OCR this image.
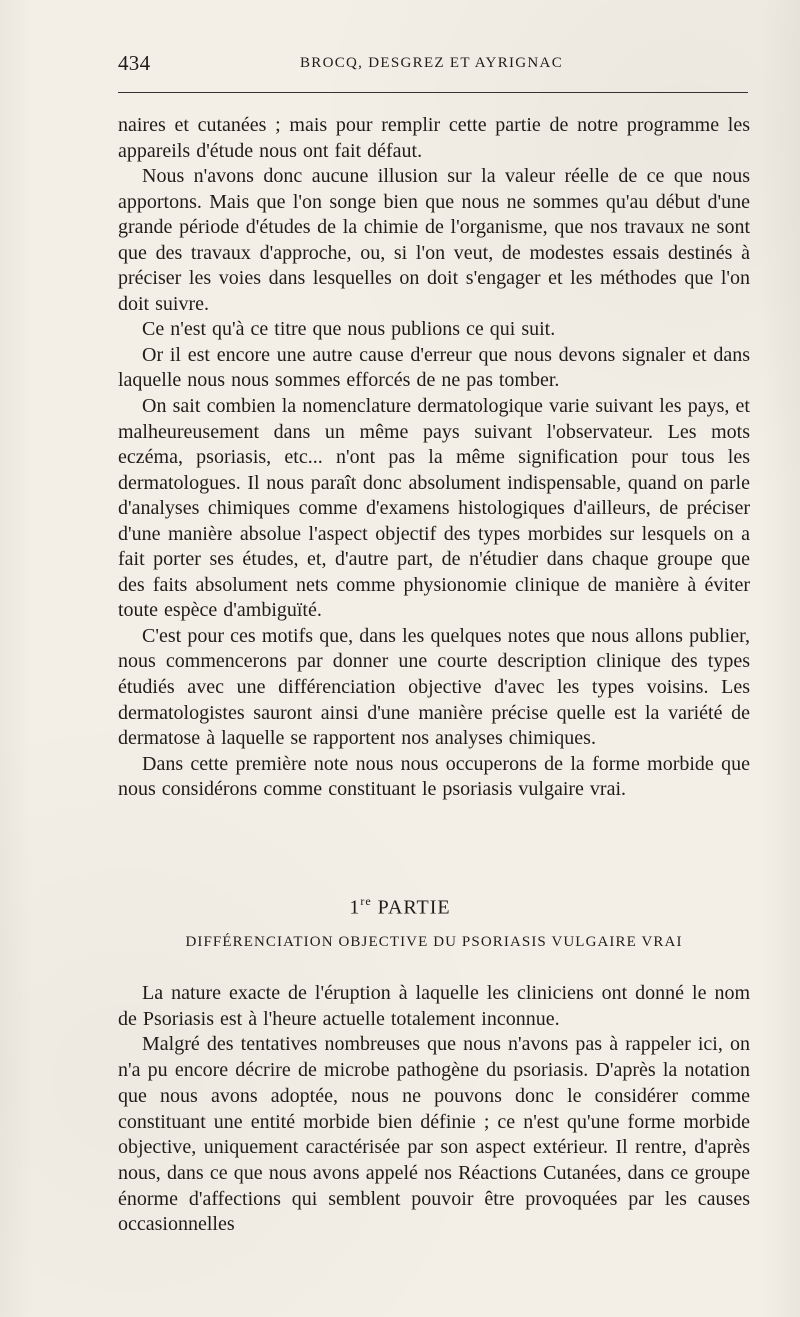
434	BROCQ, DESGREZ ET AYRIGNAC

naires et cutanées ; mais pour remplir cette partie de notre programme les appareils d'étude nous ont fait défaut.

Nous n'avons donc aucune illusion sur la valeur réelle de ce que nous apportons. Mais que l'on songe bien que nous ne sommes qu'au début d'une grande période d'études de la chimie de l'organisme, que nos travaux ne sont que des travaux d'approche, ou, si l'on veut, de modestes essais destinés à préciser les voies dans lesquelles on doit s'engager et les méthodes que l'on doit suivre.

Ce n'est qu'à ce titre que nous publions ce qui suit.

Or il est encore une autre cause d'erreur que nous devons signaler et dans laquelle nous nous sommes efforcés de ne pas tomber.

On sait combien la nomenclature dermatologique varie suivant les pays, et malheureusement dans un même pays suivant l'observateur. Les mots eczéma, psoriasis, etc... n'ont pas la même signification pour tous les dermatologues. Il nous paraît donc absolument indispensable, quand on parle d'analyses chimiques comme d'examens histologiques d'ailleurs, de préciser d'une manière absolue l'aspect objectif des types morbides sur lesquels on a fait porter ses études, et, d'autre part, de n'étudier dans chaque groupe que des faits absolument nets comme physionomie clinique de manière à éviter toute espèce d'ambiguïté.

C'est pour ces motifs que, dans les quelques notes que nous allons publier, nous commencerons par donner une courte description clinique des types étudiés avec une différenciation objective d'avec les types voisins. Les dermatologistes sauront ainsi d'une manière précise quelle est la variété de dermatose à laquelle se rapportent nos analyses chimiques.

Dans cette première note nous nous occuperons de la forme morbide que nous considérons comme constituant le psoriasis vulgaire vrai.

1re PARTIE
DIFFÉRENCIATION OBJECTIVE DU PSORIASIS VULGAIRE VRAI

La nature exacte de l'éruption à laquelle les cliniciens ont donné le nom de Psoriasis est à l'heure actuelle totalement inconnue.

Malgré des tentatives nombreuses que nous n'avons pas à rappeler ici, on n'a pu encore décrire de microbe pathogène du psoriasis. D'après la notation que nous avons adoptée, nous ne pouvons donc le considérer comme constituant une entité morbide bien définie ; ce n'est qu'une forme morbide objective, uniquement caractérisée par son aspect extérieur. Il rentre, d'après nous, dans ce que nous avons appelé nos Réactions Cutanées, dans ce groupe énorme d'affections qui semblent pouvoir être provoquées par les causes occasionnelles
